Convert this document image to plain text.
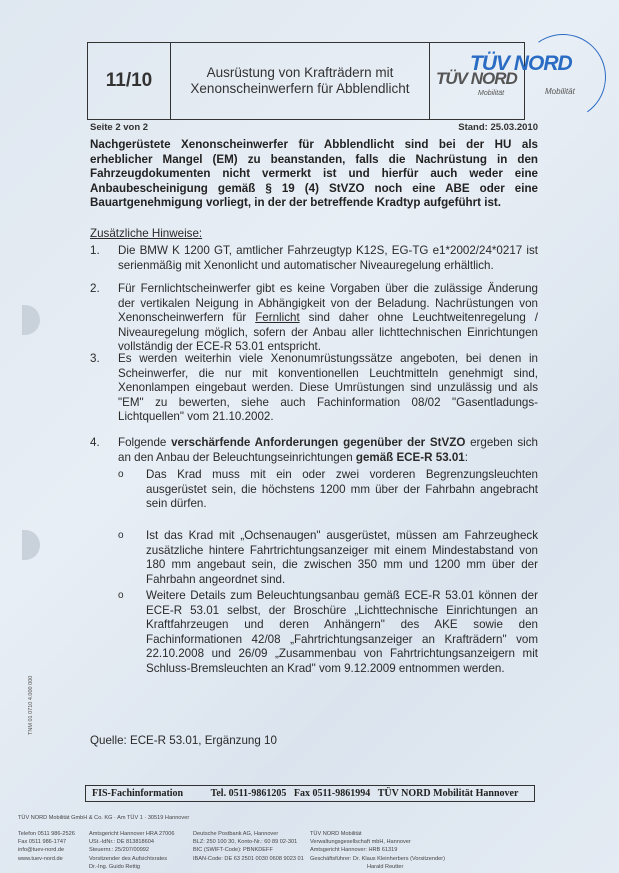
11/10	Ausrüstung von Krafträdern mit
Xenonscheinwerfern für Abblendlicht
TÜV NORD
Mobilität
TÜV NORD
Mobilität
Seite 2 von 2	Stand: 25.03.2010
Nachgerüstete Xenonscheinwerfer für Abblendlicht sind bei der HU als erheblicher Mangel (EM) zu beanstanden, falls die Nachrüstung in den Fahrzeugdokumenten nicht vermerkt ist und hierfür auch weder eine Anbaubescheinigung gemäß § 19 (4) StVZO noch eine ABE oder eine Bauartgenehmigung vorliegt, in der der betreffende Kradtyp aufgeführt ist.
Zusätzliche Hinweise:
1. Die BMW K 1200 GT, amtlicher Fahrzeugtyp K12S, EG-TG e1*2002/24*0217 ist serienmäßig mit Xenonlicht und automatischer Niveauregelung erhältlich.
2. Für Fernlichtscheinwerfer gibt es keine Vorgaben über die zulässige Änderung der vertikalen Neigung in Abhängigkeit von der Beladung. Nachrüstungen von Xenonscheinwerfern für Fernlicht sind daher ohne Leuchtweitenregelung / Niveauregelung möglich, sofern der Anbau aller lichttechnischen Einrichtungen vollständig der ECE-R 53.01 entspricht.
3. Es werden weiterhin viele Xenonumrüstungssätze angeboten, bei denen in Scheinwerfer, die nur mit konventionellen Leuchtmitteln genehmigt sind, Xenonlampen eingebaut werden. Diese Umrüstungen sind unzulässig und als "EM" zu bewerten, siehe auch Fachinformation 08/02 "Gasentladungs-Lichtquellen" vom 21.10.2002.
4. Folgende verschärfende Anforderungen gegenüber der StVZO ergeben sich an den Anbau der Beleuchtungseinrichtungen gemäß ECE-R 53.01:
o Das Krad muss mit ein oder zwei vorderen Begrenzungsleuchten ausgerüstet sein, die höchstens 1200 mm über der Fahrbahn angebracht sein dürfen.
o Ist das Krad mit „Ochsenaugen" ausgerüstet, müssen am Fahrzeugheck zusätzliche hintere Fahrtrichtungsanzeiger mit einem Mindestabstand von 180 mm angebaut sein, die zwischen 350 mm und 1200 mm über der Fahrbahn angeordnet sind.
o Weitere Details zum Beleuchtungsanbau gemäß ECE-R 53.01 können der ECE-R 53.01 selbst, der Broschüre „Lichttechnische Einrichtungen an Kraftfahrzeugen und deren Anhängern" des AKE sowie den Fachinformationen 42/08 „Fahrtrichtungsanzeiger an Krafträdern" vom 22.10.2008 und 26/09 „Zusammenbau von Fahrtrichtungsanzeigern mit Schluss-Bremsleuchten an Krad" vom 9.12.2009 entnommen werden.
TNM 01 0710 4.000 000
Quelle: ECE-R 53.01, Ergänzung 10
FIS-Fachinformation
	Tel. 0511-9861205
Fax 0511-9861994
TÜV NORD Mobilität Hannover
TÜV NORD Mobilität GmbH & Co. KG · Am TÜV 1 · 30519 Hannover
Telefon 0511 986-2526
Fax 0511 986-1747
info@tuev-nord.de
www.tuev-nord.de
Amtsgericht Hannover HRA 27006
USt.-IdNr.: DE 813818604
Steuernr.: 25/207/00992
Vorsitzender des Aufsichtsrates
Dr.-Ing. Guido Rettig
Deutsche Postbank AG, Hannover
BLZ: 250 100 30, Konto-Nr.: 60 89 02-301
BIC (SWIFT-Code): PBNKDEFF
IBAN-Code: DE 63 2501 0030 0608 9023 01
TÜV NORD Mobilität
Verwaltungsgesellschaft mbH, Hannover
Amtsgericht Hannover: HRB 61319
Geschäftsführer: Dr. Klaus Kleinherbers (Vorsitzender)
Harald Reutter
